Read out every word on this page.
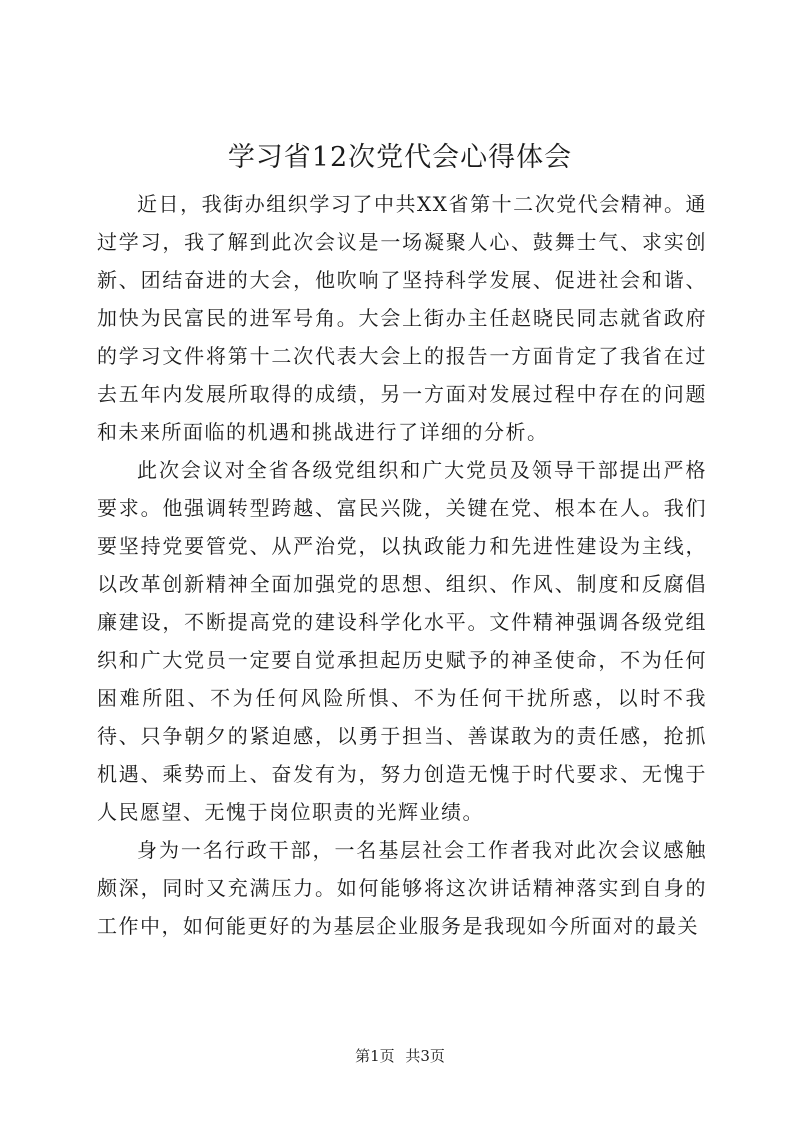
学习省12次党代会心得体会

近日，我街办组织学习了中共XX省第十二次党代会精神。通过学习，我了解到此次会议是一场凝聚人心、鼓舞士气、求实创新、团结奋进的大会，他吹响了坚持科学发展、促进社会和谐、加快为民富民的进军号角。大会上街办主任赵晓民同志就省政府的学习文件将第十二次代表大会上的报告一方面肯定了我省在过去五年内发展所取得的成绩，另一方面对发展过程中存在的问题和未来所面临的机遇和挑战进行了详细的分析。

此次会议对全省各级党组织和广大党员及领导干部提出严格要求。他强调转型跨越、富民兴陇，关键在党、根本在人。我们要坚持党要管党、从严治党，以执政能力和先进性建设为主线，以改革创新精神全面加强党的思想、组织、作风、制度和反腐倡廉建设，不断提高党的建设科学化水平。文件精神强调各级党组织和广大党员一定要自觉承担起历史赋予的神圣使命，不为任何困难所阻、不为任何风险所惧、不为任何干扰所惑，以时不我待、只争朝夕的紧迫感，以勇于担当、善谋敢为的责任感，抢抓机遇、乘势而上、奋发有为，努力创造无愧于时代要求、无愧于人民愿望、无愧于岗位职责的光辉业绩。

身为一名行政干部，一名基层社会工作者我对此次会议感触颇深，同时又充满压力。如何能够将这次讲话精神落实到自身的工作中，如何能更好的为基层企业服务是我现如今所面对的最关

第1页 共3页
